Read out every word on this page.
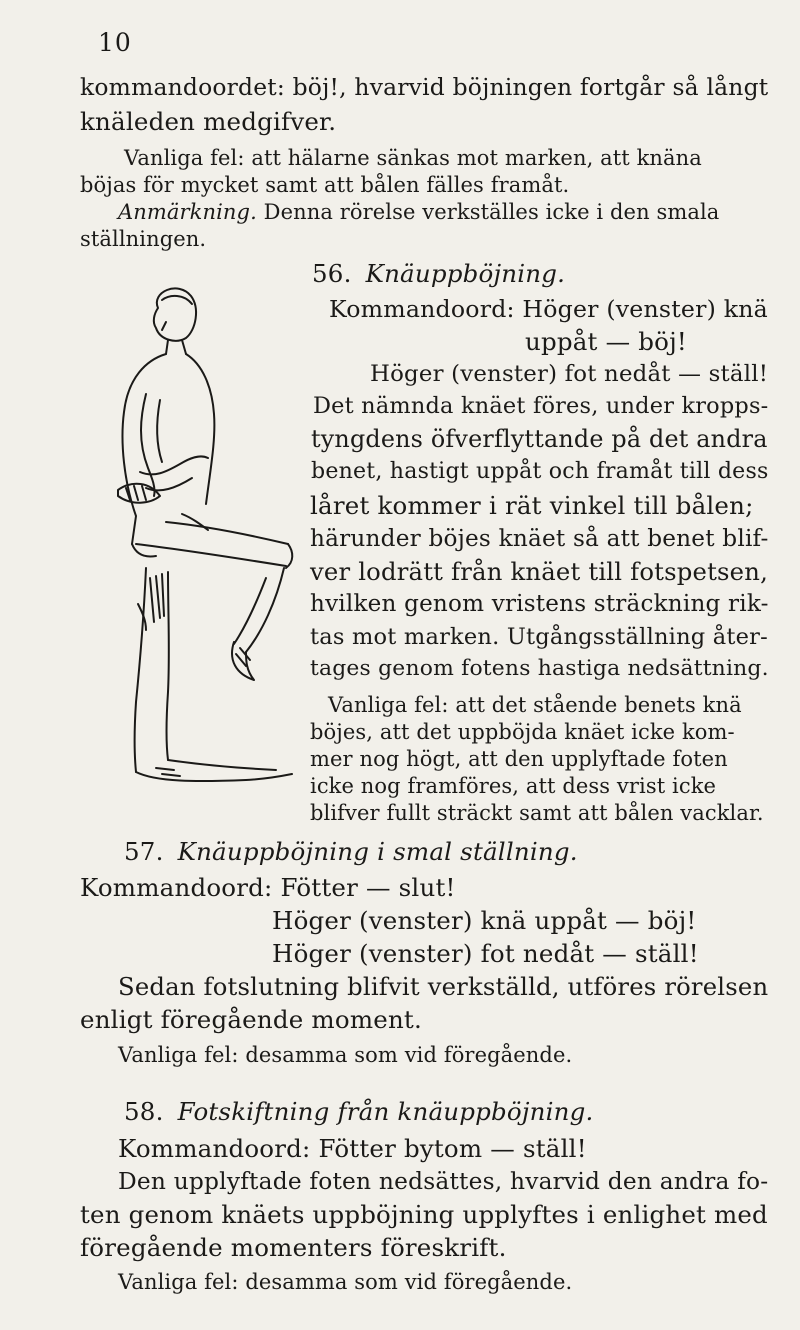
10
kommandoordet: böj!, hvarvid böjningen fortgår så långt
knäleden medgifver.
Vanliga fel: att hälarne sänkas mot marken, att knäna
böjas för mycket samt att bålen fälles framåt.
Anmärkning. Denna rörelse verkställes icke i den smala
ställningen.
56. Knäuppböjning.
Kommandoord: Höger (venster) knä
uppåt — böj!
Höger (venster) fot nedåt — ställ!
Det nämnda knäet föres, under kropps-
tyngdens öfverflyttande på det andra
benet, hastigt uppåt och framåt till dess
låret kommer i rät vinkel till bålen;
härunder böjes knäet så att benet blif-
ver lodrätt från knäet till fotspetsen,
hvilken genom vristens sträckning rik-
tas mot marken. Utgångsställning åter-
tages genom fotens hastiga nedsättning.
Vanliga fel: att det stående benets knä
böjes, att det uppböjda knäet icke kom-
mer nog högt, att den upplyftade foten
icke nog framföres, att dess vrist icke
blifver fullt sträckt samt att bålen vacklar.
57. Knäuppböjning i smal ställning.
Kommandoord: Fötter — slut!
Höger (venster) knä uppåt — böj!
Höger (venster) fot nedåt — ställ!
Sedan fotslutning blifvit verkställd, utföres rörelsen
enligt föregående moment.
Vanliga fel: desamma som vid föregående.
58. Fotskiftning från knäuppböjning.
Kommandoord: Fötter bytom — ställ!
Den upplyftade foten nedsättes, hvarvid den andra fo-
ten genom knäets uppböjning upplyftes i enlighet med
föregående momenters föreskrift.
Vanliga fel: desamma som vid föregående.
